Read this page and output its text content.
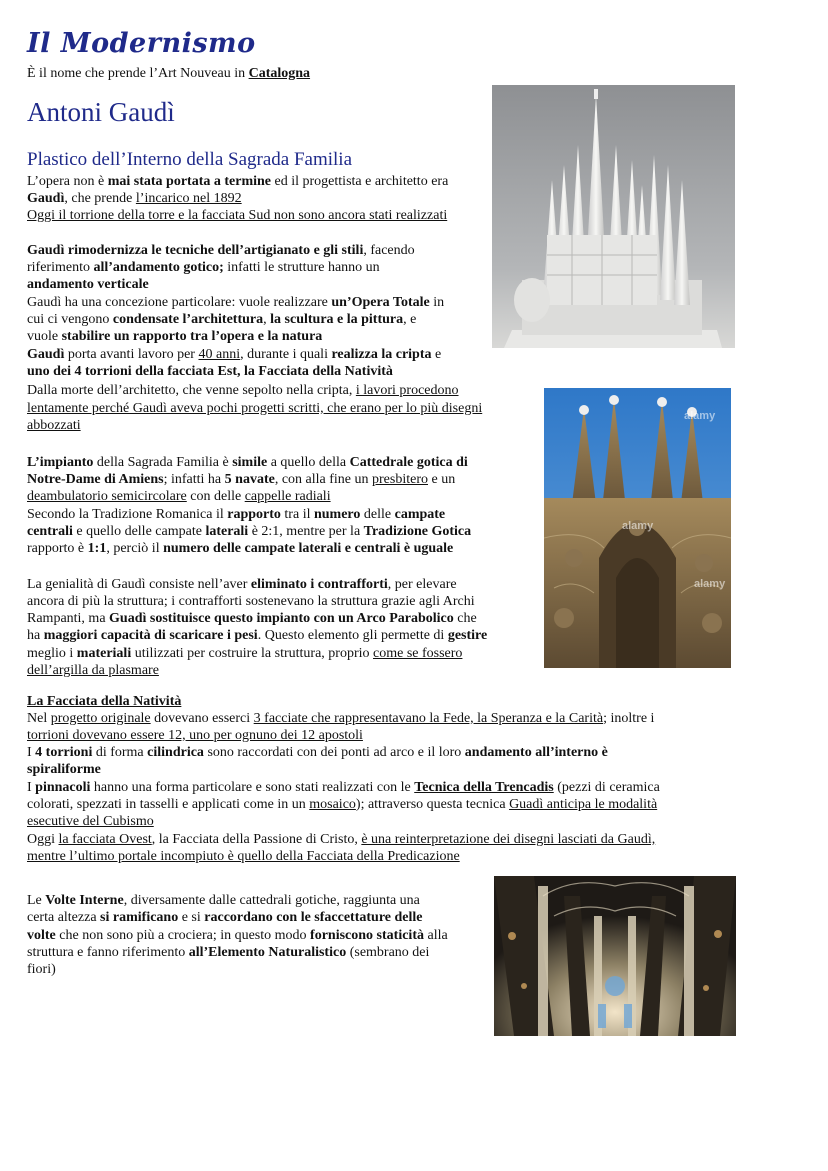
Il Modernismo

È il nome che prende l’Art Nouveau in Catalogna

Antoni Gaudì
Plastico dell’Interno della Sagrada Familia

L’opera non è mai stata portata a termine ed il progettista e architetto era

Gaudì, che prende l’incarico nel 1892

Oggi il torrione della torre e la facciata Sud non sono ancora stati realizzati

Gaudì rimodernizza le tecniche dell’artigianato e gli stili, facendo

riferimento all’andamento gotico; infatti le strutture hanno un

andamento verticale

Gaudì ha una concezione particolare: vuole realizzare un’Opera Totale in

cui ci vengono condensate l’architettura, la scultura e la pittura, e

vuole stabilire un rapporto tra l’opera e la natura

Gaudì porta avanti lavoro per 40 anni, durante i quali realizza la cripta e

uno dei 4 torrioni della facciata Est, la Facciata della Natività

Dalla morte dell’architetto, che venne sepolto nella cripta, i lavori procedono

lentamente perché Gaudì aveva pochi progetti scritti, che erano per lo più disegni

abbozzati

L’impianto della Sagrada Familia è simile a quello della Cattedrale gotica di

Notre-Dame di Amiens; infatti ha 5 navate, con alla fine un presbitero e un

deambulatorio semicircolare con delle cappelle radiali

Secondo la Tradizione Romanica il rapporto tra il numero delle campate

centrali e quello delle campate laterali è 2:1, mentre per la Tradizione Gotica

rapporto è 1:1, perciò il numero delle campate laterali e centrali è uguale

La genialità di Gaudì consiste nell’aver eliminato i contrafforti, per elevare

ancora di più la struttura; i contrafforti sostenevano la struttura grazie agli Archi

Rampanti, ma Guadì sostituisce questo impianto con un Arco Parabolico che

ha maggiori capacità di scaricare i pesi. Questo elemento gli permette di gestire

meglio i materiali utilizzati per costruire la struttura, proprio come se fossero

dell’argilla da plasmare

La Facciata della Natività

Nel progetto originale dovevano esserci 3 facciate che rappresentavano la Fede, la Speranza e la Carità; inoltre i

torrioni dovevano essere 12, uno per ognuno dei 12 apostoli

I 4 torrioni di forma cilindrica sono raccordati con dei ponti ad arco e il loro andamento all’interno è

spiraliforme

I pinnacoli hanno una forma particolare e sono stati realizzati con le Tecnica della Trencadis (pezzi di ceramica

colorati, spezzati in tasselli e applicati come in un mosaico); attraverso questa tecnica Guadì anticipa le modalità

esecutive del Cubismo

Oggi la facciata Ovest, la Facciata della Passione di Cristo, è una reinterpretazione dei disegni lasciati da Gaudì,

mentre l’ultimo portale incompiuto è quello della Facciata della Predicazione

Le Volte Interne, diversamente dalle cattedrali gotiche, raggiunta una

certa altezza si ramificano e si raccordano con le sfaccettature delle

volte che non sono più a crociera; in questo modo forniscono staticità alla

struttura e fanno riferimento all’Elemento Naturalistico (sembrano dei

fiori)

alamy
alamy
alamy
